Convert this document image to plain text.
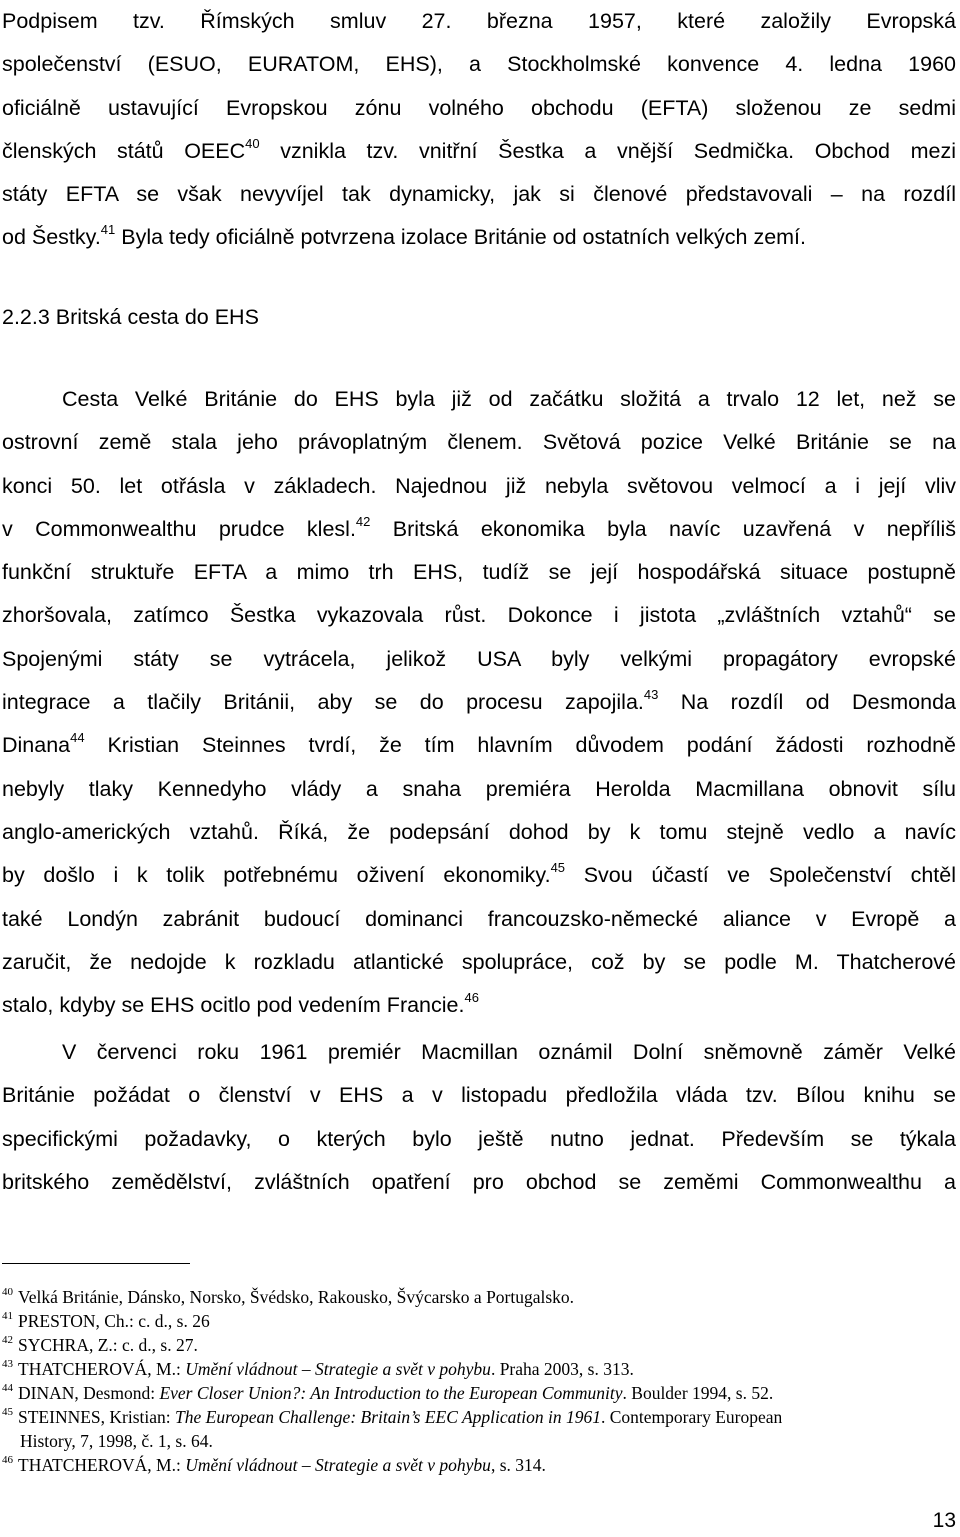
Podpisem tzv. Římských smluv 27. března 1957, které založily Evropská
společenství (ESUO, EURATOM, EHS), a Stockholmské konvence 4. ledna 1960
oficiálně ustavující Evropskou zónu volného obchodu (EFTA) složenou ze sedmi
členských států OEEC$^{40}$ vznikla tzv. vnitřní Šestka a vnější Sedmička. Obchod mezi
státy EFTA se však nevyvíjel tak dynamicky, jak si členové představovali – na rozdíl
od Šestky.$^{41}$ Byla tedy oficiálně potvrzena izolace Británie od ostatních velkých zemí.
2.2.3 Britská cesta do EHS
Cesta Velké Británie do EHS byla již od začátku složitá a trvalo 12 let, než se
ostrovní země stala jeho právoplatným členem. Světová pozice Velké Británie se na
konci 50. let otřásla v základech. Najednou již nebyla světovou velmocí a i její vliv
v Commonwealthu prudce klesl.$^{42}$ Britská ekonomika byla navíc uzavřená v nepříliš
funkční struktuře EFTA a mimo trh EHS, tudíž se její hospodářská situace postupně
zhoršovala, zatímco Šestka vykazovala růst. Dokonce i jistota „zvláštních vztahů“ se
Spojenými státy se vytrácela, jelikož USA byly velkými propagátory evropské
integrace a tlačily Británii, aby se do procesu zapojila.$^{43}$ Na rozdíl od Desmonda
Dinana$^{44}$ Kristian Steinnes tvrdí, že tím hlavním důvodem podání žádosti rozhodně
nebyly tlaky Kennedyho vlády a snaha premiéra Herolda Macmillana obnovit sílu
anglo-amerických vztahů. Říká, že podepsání dohod by k tomu stejně vedlo a navíc
by došlo i k tolik potřebnému oživení ekonomiky.$^{45}$ Svou účastí ve Společenství chtěl
také Londýn zabránit budoucí dominanci francouzsko-německé aliance v Evropě a
zaručit, že nedojde k rozkladu atlantické spolupráce, což by se podle M. Thatcherové
stalo, kdyby se EHS ocitlo pod vedením Francie.$^{46}$
V červenci roku 1961 premiér Macmillan oznámil Dolní sněmovně záměr Velké
Británie požádat o členství v EHS a v listopadu předložila vláda tzv. Bílou knihu se
specifickými požadavky, o kterých bylo ještě nutno jednat. Především se týkala
britského zemědělství, zvláštních opatření pro obchod se zeměmi Commonwealthu a
$^{40}$ Velká Británie, Dánsko, Norsko, Švédsko, Rakousko, Švýcarsko a Portugalsko.
$^{41}$ PRESTON, Ch.: c. d., s. 26
$^{42}$ SYCHRA, Z.: c. d., s. 27.
$^{43}$ THATCHEROVÁ, M.: Umění vládnout – Strategie a svět v pohybu. Praha 2003, s. 313.
$^{44}$ DINAN, Desmond: Ever Closer Union?: An Introduction to the European Community. Boulder 1994, s. 52.
$^{45}$ STEINNES, Kristian: The European Challenge: Britain’s EEC Application in 1961. Contemporary European
History, 7, 1998, č. 1, s. 64.
$^{46}$ THATCHEROVÁ, M.: Umění vládnout – Strategie a svět v pohybu, s. 314.
13
